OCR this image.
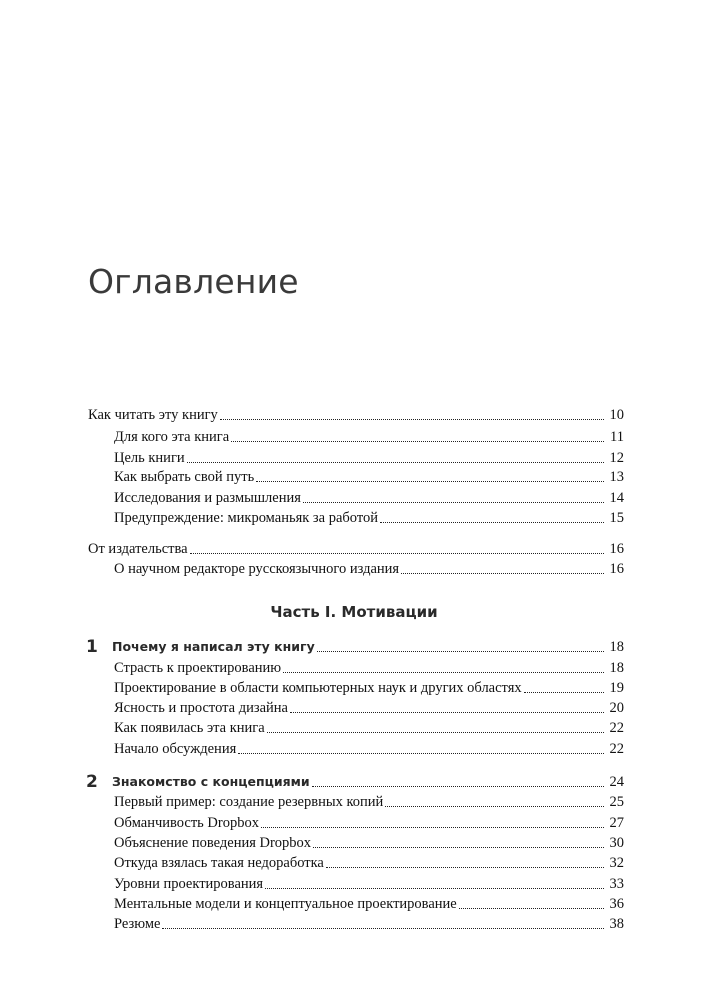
Оглавление
Как читать эту книгу	10
Для кого эта книга	11
Цель книги	12
Как выбрать свой путь	13
Исследования и размышления	14
Предупреждение: микроманьяк за работой	15
От издательства	16
О научном редакторе русскоязычного издания	16
Часть I. Мотивации
1	Почему я написал эту книгу	18
Страсть к проектированию	18
Проектирование в области компьютерных наук и других областях	19
Ясность и простота дизайна	20
Как появилась эта книга	22
Начало обсуждения	22
2	Знакомство с концепциями	24
Первый пример: создание резервных копий	25
Обманчивость Dropbox	27
Объяснение поведения Dropbox	30
Откуда взялась такая недоработка	32
Уровни проектирования	33
Ментальные модели и концептуальное проектирование	36
Резюме	38
